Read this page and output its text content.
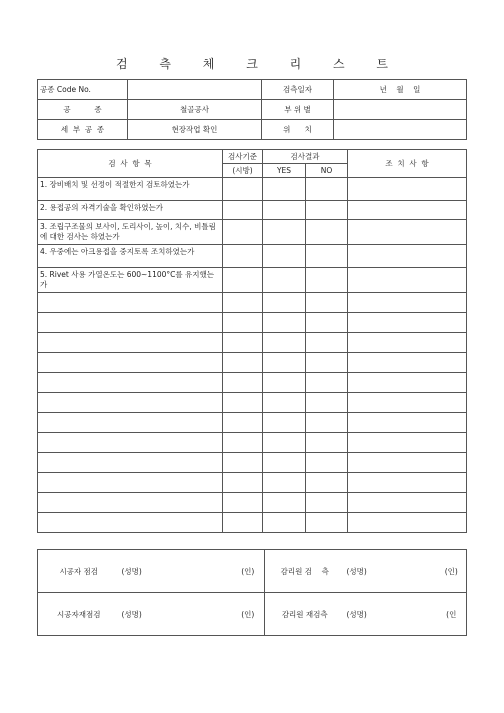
검 측 체 크 리 스 트
공종 Code No.		검측일자	년    월    일
공          종	철골공사	부 위 별	
세  부  공  종	현장작업 확인	위      치	
검  사  항  목	검사기준	검사결과		조  치  사  항
	(시방)	YES	NO	
1. 장비배치 및 선정이 적절한지 검토하였는가				
2. 용접공의 자격기술을 확인하였는가				
3. 조립구조물의 보사이, 도리사이, 높이, 치수, 비틀림에 대한 검사는 하였는가				
4. 우중에는 아크용접을 중지토록 조치하였는가				
5. Rivet 사용 가열온도는 600~1100°C를 유지했는가				

시공자 점검	(성명)	(인)	감리원 검    측	(성명)	(인)
시공자재점검	(성명)	(인)	감리원 재검측	(성명)	(인
